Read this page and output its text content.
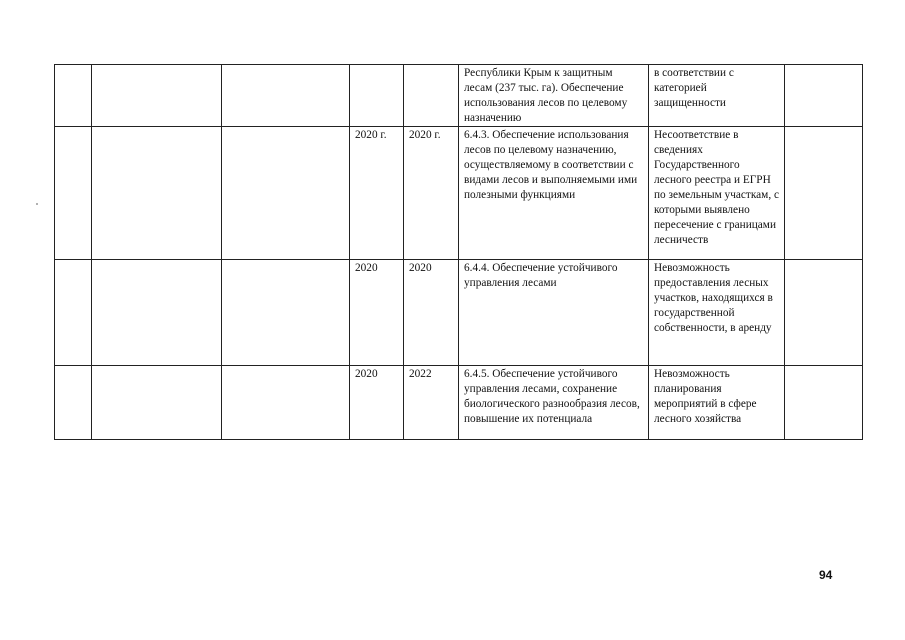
					Республики Крым к защитным лесам (237 тыс. га). Обеспечение использования лесов по целевому назначению	в соответствии с категорией защищенности	
			2020 г.	2020 г.	6.4.3. Обеспечение использования лесов по целевому назначению, осуществляемому в соответствии с видами лесов и выполняемыми ими полезными функциями	Несоответствие в сведениях Государственного лесного реестра и ЕГРН по земельным участкам, с которыми выявлено пересечение с границами лесничеств	
			2020	2020	6.4.4. Обеспечение устойчивого управления лесами	Невозможность предоставления лесных участков, находящихся в государственной собственности, в аренду	
			2020	2022	6.4.5. Обеспечение устойчивого управления лесами, сохранение биологического разнообразия лесов, повышение их потенциала	Невозможность планирования мероприятий в сфере лесного хозяйства	
94
